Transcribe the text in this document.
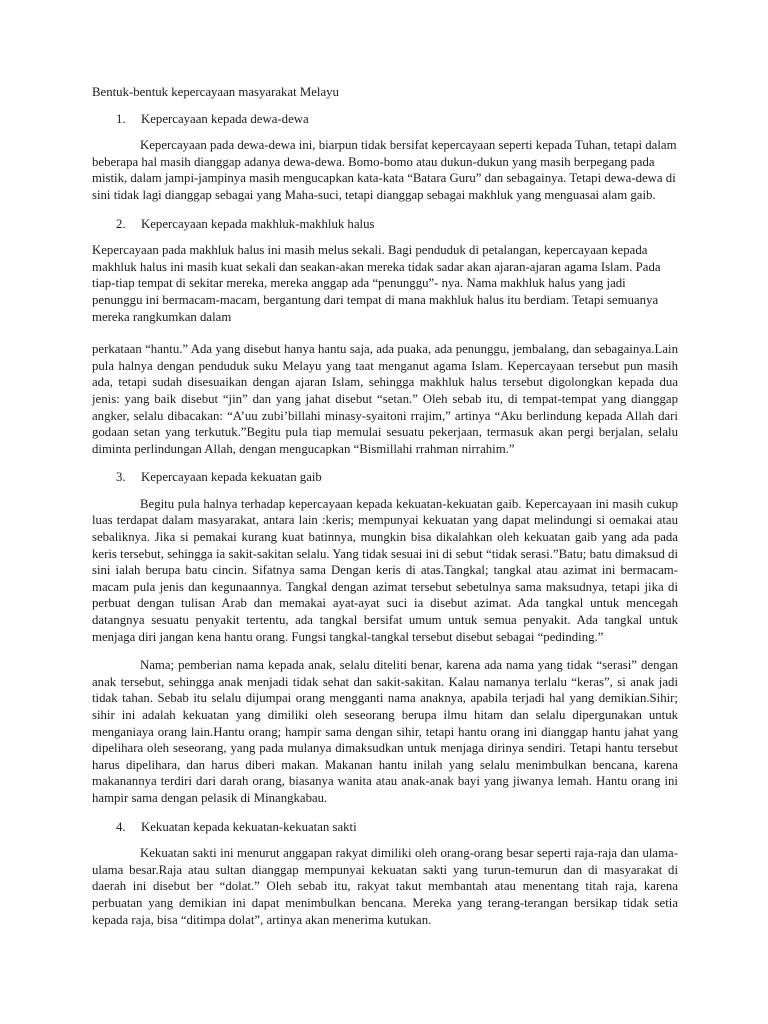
Bentuk-bentuk kepercayaan masyarakat Melayu

1.	Kepercayaan kepada dewa-dewa

Kepercayaan pada dewa-dewa ini, biarpun tidak bersifat kepercayaan seperti kepada Tuhan, tetapi dalam beberapa hal masih dianggap adanya dewa-dewa. Bomo-bomo atau dukun-dukun yang masih berpegang pada mistik, dalam jampi-jampinya masih mengucapkan kata-kata “Batara Guru” dan sebagainya. Tetapi dewa-dewa di sini tidak lagi dianggap sebagai yang Maha-suci, tetapi dianggap sebagai makhluk yang menguasai alam gaib.

2.	Kepercayaan kepada makhluk-makhluk halus

Kepercayaan pada makhluk halus ini masih melus sekali. Bagi penduduk di petalangan, kepercayaan kepada makhluk halus ini masih kuat sekali dan seakan-akan mereka tidak sadar akan ajaran-ajaran agama Islam. Pada tiap-tiap tempat di sekitar mereka, mereka anggap ada “penunggu”- nya. Nama makhluk halus yang jadi penunggu ini bermacam-macam, bergantung dari tempat di mana makhluk halus itu berdiam. Tetapi semuanya mereka rangkumkan dalam

perkataan “hantu.” Ada yang disebut hanya hantu saja, ada puaka, ada penunggu, jembalang, dan sebagainya.Lain pula halnya dengan penduduk suku Melayu yang taat menganut agama Islam. Kepercayaan tersebut pun masih ada, tetapi sudah disesuaikan dengan ajaran Islam, sehingga makhluk halus tersebut digolongkan kepada dua jenis: yang baik disebut “jin” dan yang jahat disebut “setan.” Oleh sebab itu, di tempat-tempat yang dianggap angker, selalu dibacakan: “A’uu zubi’billahi minasy-syaitoni rrajim,” artinya “Aku berlindung kepada Allah dari godaan setan yang terkutuk.”Begitu pula tiap memulai sesuatu pekerjaan, termasuk akan pergi berjalan, selalu diminta perlindungan Allah, dengan mengucapkan “Bismillahi rrahman nirrahim.”

3.	Kepercayaan kepada kekuatan gaib

Begitu pula halnya terhadap kepercayaan kepada kekuatan-kekuatan gaib. Kepercayaan ini masih cukup luas terdapat dalam masyarakat, antara lain :keris; mempunyai kekuatan yang dapat melindungi si oemakai atau sebaliknya. Jika si pemakai kurang kuat batinnya, mungkin bisa dikalahkan oleh kekuatan gaib yang ada pada keris tersebut, sehingga ia sakit-sakitan selalu. Yang tidak sesuai ini di sebut “tidak serasi.”Batu; batu dimaksud di sini ialah berupa batu cincin. Sifatnya sama Dengan keris di atas.Tangkal; tangkal atau azimat ini bermacam-macam pula jenis dan kegunaannya. Tangkal dengan azimat tersebut sebetulnya sama maksudnya, tetapi jika di perbuat dengan tulisan Arab dan memakai ayat-ayat suci ia disebut azimat. Ada tangkal untuk mencegah datangnya sesuatu penyakit tertentu, ada tangkal bersifat umum untuk semua penyakit. Ada tangkal untuk menjaga diri jangan kena hantu orang. Fungsi tangkal-tangkal tersebut disebut sebagai “pedinding.”

Nama; pemberian nama kepada anak, selalu diteliti benar, karena ada nama yang tidak “serasi” dengan anak tersebut, sehingga anak menjadi tidak sehat dan sakit-sakitan. Kalau namanya terlalu “keras”, si anak jadi tidak tahan. Sebab itu selalu dijumpai orang mengganti nama anaknya, apabila terjadi hal yang demikian.Sihir; sihir ini adalah kekuatan yang dimiliki oleh seseorang berupa ilmu hitam dan selalu dipergunakan untuk menganiaya orang lain.Hantu orang; hampir sama dengan sihir, tetapi hantu orang ini dianggap hantu jahat yang dipelihara oleh seseorang, yang pada mulanya dimaksudkan untuk menjaga dirinya sendiri. Tetapi hantu tersebut harus dipelihara, dan harus diberi makan. Makanan hantu inilah yang selalu menimbulkan bencana, karena makanannya terdiri dari darah orang, biasanya wanita atau anak-anak bayi yang jiwanya lemah. Hantu orang ini hampir sama dengan pelasik di Minangkabau.

4.	Kekuatan kepada kekuatan-kekuatan sakti

Kekuatan sakti ini menurut anggapan rakyat dimiliki oleh orang-orang besar seperti raja-raja dan ulama-ulama besar.Raja atau sultan dianggap mempunyai kekuatan sakti yang turun-temurun dan di masyarakat di daerah ini disebut ber “dolat.” Oleh sebab itu, rakyat takut membantah atau menentang titah raja, karena perbuatan yang demikian ini dapat menimbulkan bencana. Mereka yang terang-terangan bersikap tidak setia kepada raja, bisa “ditimpa dolat”, artinya akan menerima kutukan.
